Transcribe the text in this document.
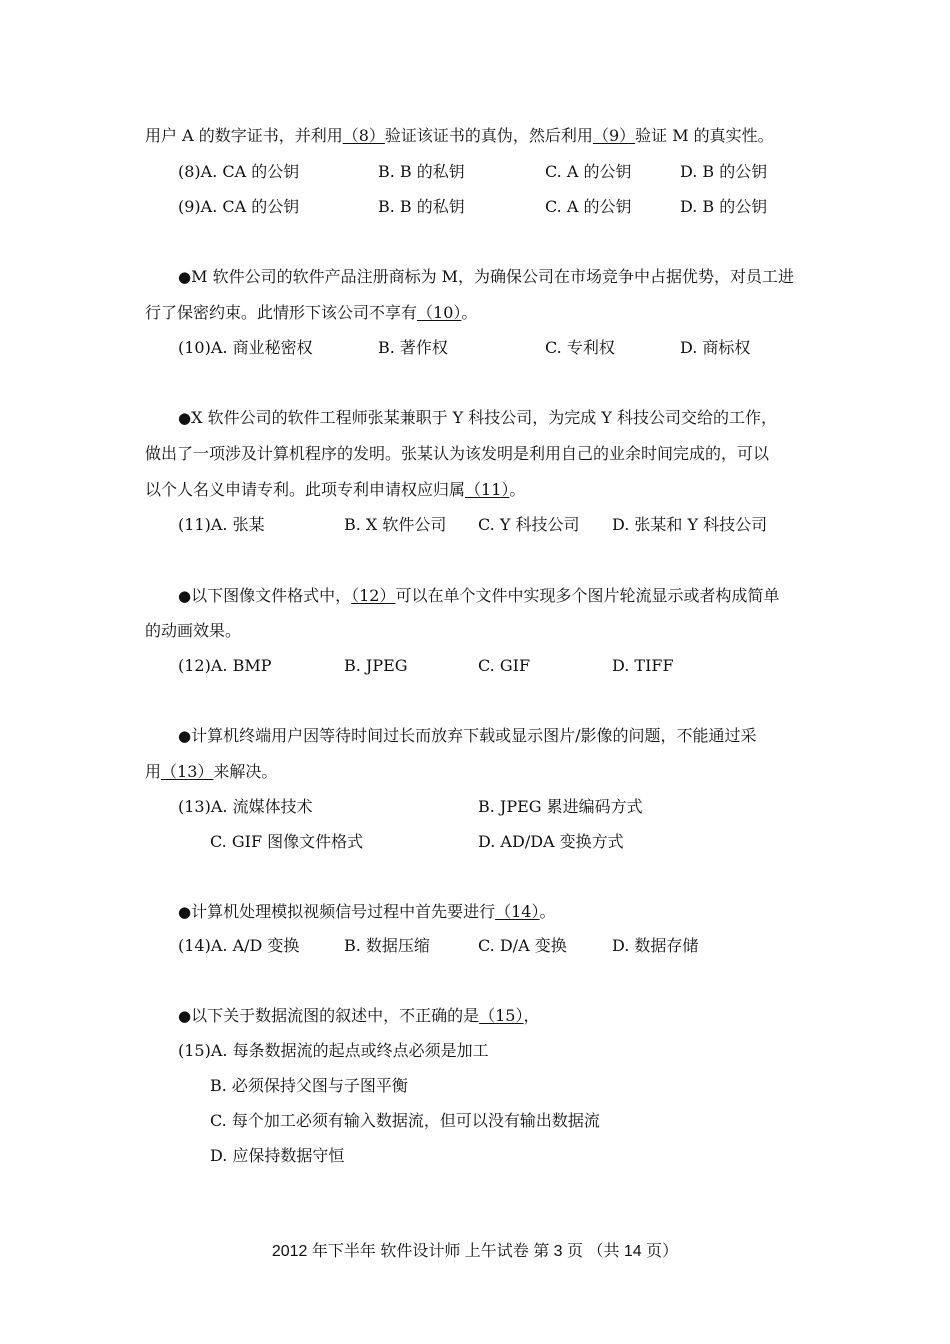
用户 A 的数字证书，并利用（8）验证该证书的真伪，然后利用（9）验证 M 的真实性。
(8)A. CA 的公钥	B. B 的私钥	C. A 的公钥	D. B 的公钥
(9)A. CA 的公钥	B. B 的私钥	C. A 的公钥	D. B 的公钥
●M 软件公司的软件产品注册商标为 M，为确保公司在市场竞争中占据优势，对员工进
行了保密约束。此情形下该公司不享有（10）。
(10)A. 商业秘密权	B. 著作权	C. 专利权	D. 商标权
●X 软件公司的软件工程师张某兼职于 Y 科技公司，为完成 Y 科技公司交给的工作，
做出了一项涉及计算机程序的发明。张某认为该发明是利用自己的业余时间完成的，可以
以个人名义申请专利。此项专利申请权应归属（11）。
(11)A. 张某	B. X 软件公司 C. Y 科技公司 D. 张某和 Y 科技公司
●以下图像文件格式中，（12）可以在单个文件中实现多个图片轮流显示或者构成简单
的动画效果。
(12)A. BMP	B. JPEG	C. GIF	D. TIFF
●计算机终端用户因等待时间过长而放弃下载或显示图片/影像的问题，不能通过采
用（13）来解决。
(13)A. 流媒体技术	B. JPEG 累进编码方式
C. GIF 图像文件格式	D. AD/DA 变换方式
●计算机处理模拟视频信号过程中首先要进行（14）。
(14)A. A/D 变换	B. 数据压缩	C. D/A 变换	D. 数据存储
●以下关于数据流图的叙述中，不正确的是（15），
(15)A. 每条数据流的起点或终点必须是加工
B. 必须保持父图与子图平衡
C. 每个加工必须有输入数据流，但可以没有输出数据流
D. 应保持数据守恒
2012 年下半年 软件设计师 上午试卷 第 3 页 （共 14 页）
